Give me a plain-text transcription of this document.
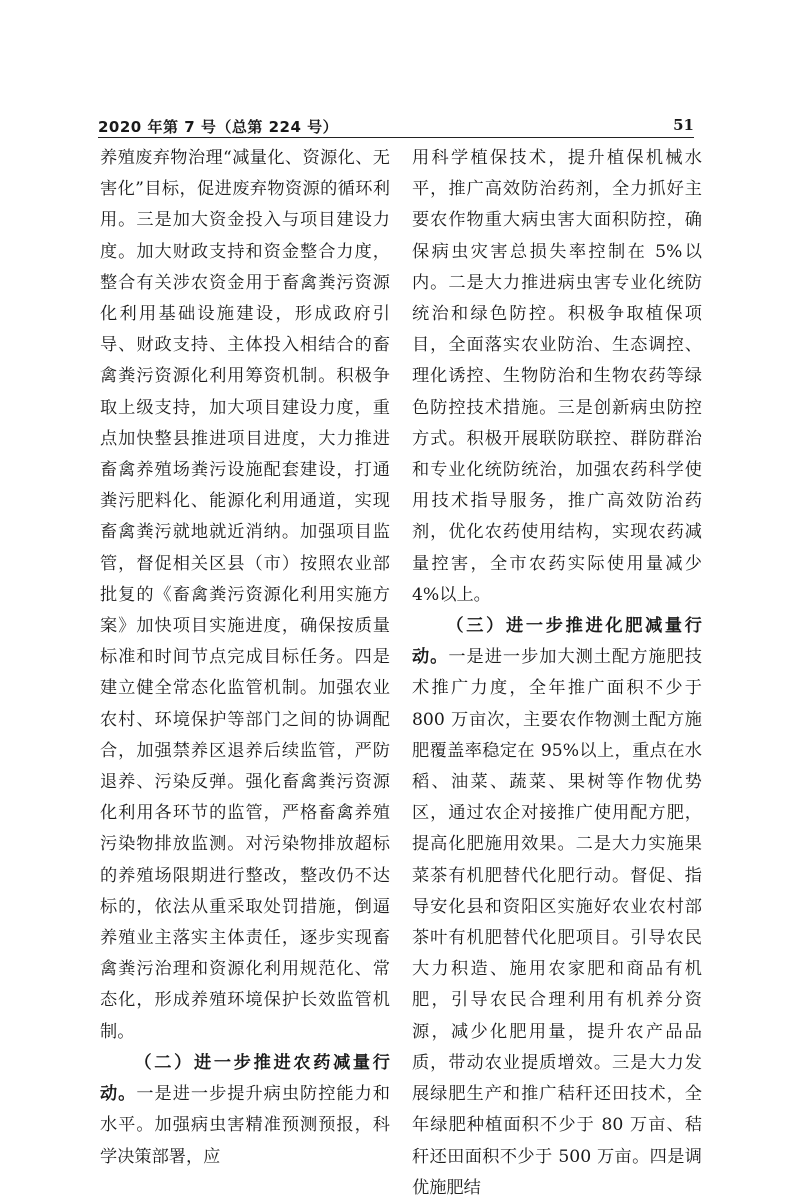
2020 年第 7 号（总第 224 号）	51

养殖废弃物治理“减量化、资源化、无害化”目标，促进废弃物资源的循环利用。三是加大资金投入与项目建设力度。加大财政支持和资金整合力度，整合有关涉农资金用于畜禽粪污资源化利用基础设施建设，形成政府引导、财政支持、主体投入相结合的畜禽粪污资源化利用筹资机制。积极争取上级支持，加大项目建设力度，重点加快整县推进项目进度，大力推进畜禽养殖场粪污设施配套建设，打通粪污肥料化、能源化利用通道，实现畜禽粪污就地就近消纳。加强项目监管，督促相关区县（市）按照农业部批复的《畜禽粪污资源化利用实施方案》加快项目实施进度，确保按质量标准和时间节点完成目标任务。四是建立健全常态化监管机制。加强农业农村、环境保护等部门之间的协调配合，加强禁养区退养后续监管，严防退养、污染反弹。强化畜禽粪污资源化利用各环节的监管，严格畜禽养殖污染物排放监测。对污染物排放超标的养殖场限期进行整改，整改仍不达标的，依法从重采取处罚措施，倒逼养殖业主落实主体责任，逐步实现畜禽粪污治理和资源化利用规范化、常态化，形成养殖环境保护长效监管机制。

（二）进一步推进农药减量行动。一是进一步提升病虫防控能力和水平。加强病虫害精准预测预报，科学决策部署，应

用科学植保技术，提升植保机械水平，推广高效防治药剂，全力抓好主要农作物重大病虫害大面积防控，确保病虫灾害总损失率控制在 5%以内。二是大力推进病虫害专业化统防统治和绿色防控。积极争取植保项目，全面落实农业防治、生态调控、理化诱控、生物防治和生物农药等绿色防控技术措施。三是创新病虫防控方式。积极开展联防联控、群防群治和专业化统防统治，加强农药科学使用技术指导服务，推广高效防治药剂，优化农药使用结构，实现农药减量控害，全市农药实际使用量减少 4%以上。

（三）进一步推进化肥减量行动。一是进一步加大测土配方施肥技术推广力度，全年推广面积不少于 800 万亩次，主要农作物测土配方施肥覆盖率稳定在 95%以上，重点在水稻、油菜、蔬菜、果树等作物优势区，通过农企对接推广使用配方肥，提高化肥施用效果。二是大力实施果菜茶有机肥替代化肥行动。督促、指导安化县和资阳区实施好农业农村部茶叶有机肥替代化肥项目。引导农民大力积造、施用农家肥和商品有机肥，引导农民合理利用有机养分资源，减少化肥用量，提升农产品品质，带动农业提质增效。三是大力发展绿肥生产和推广秸秆还田技术，全年绿肥种植面积不少于 80 万亩、秸秆还田面积不少于 500 万亩。四是调优施肥结
